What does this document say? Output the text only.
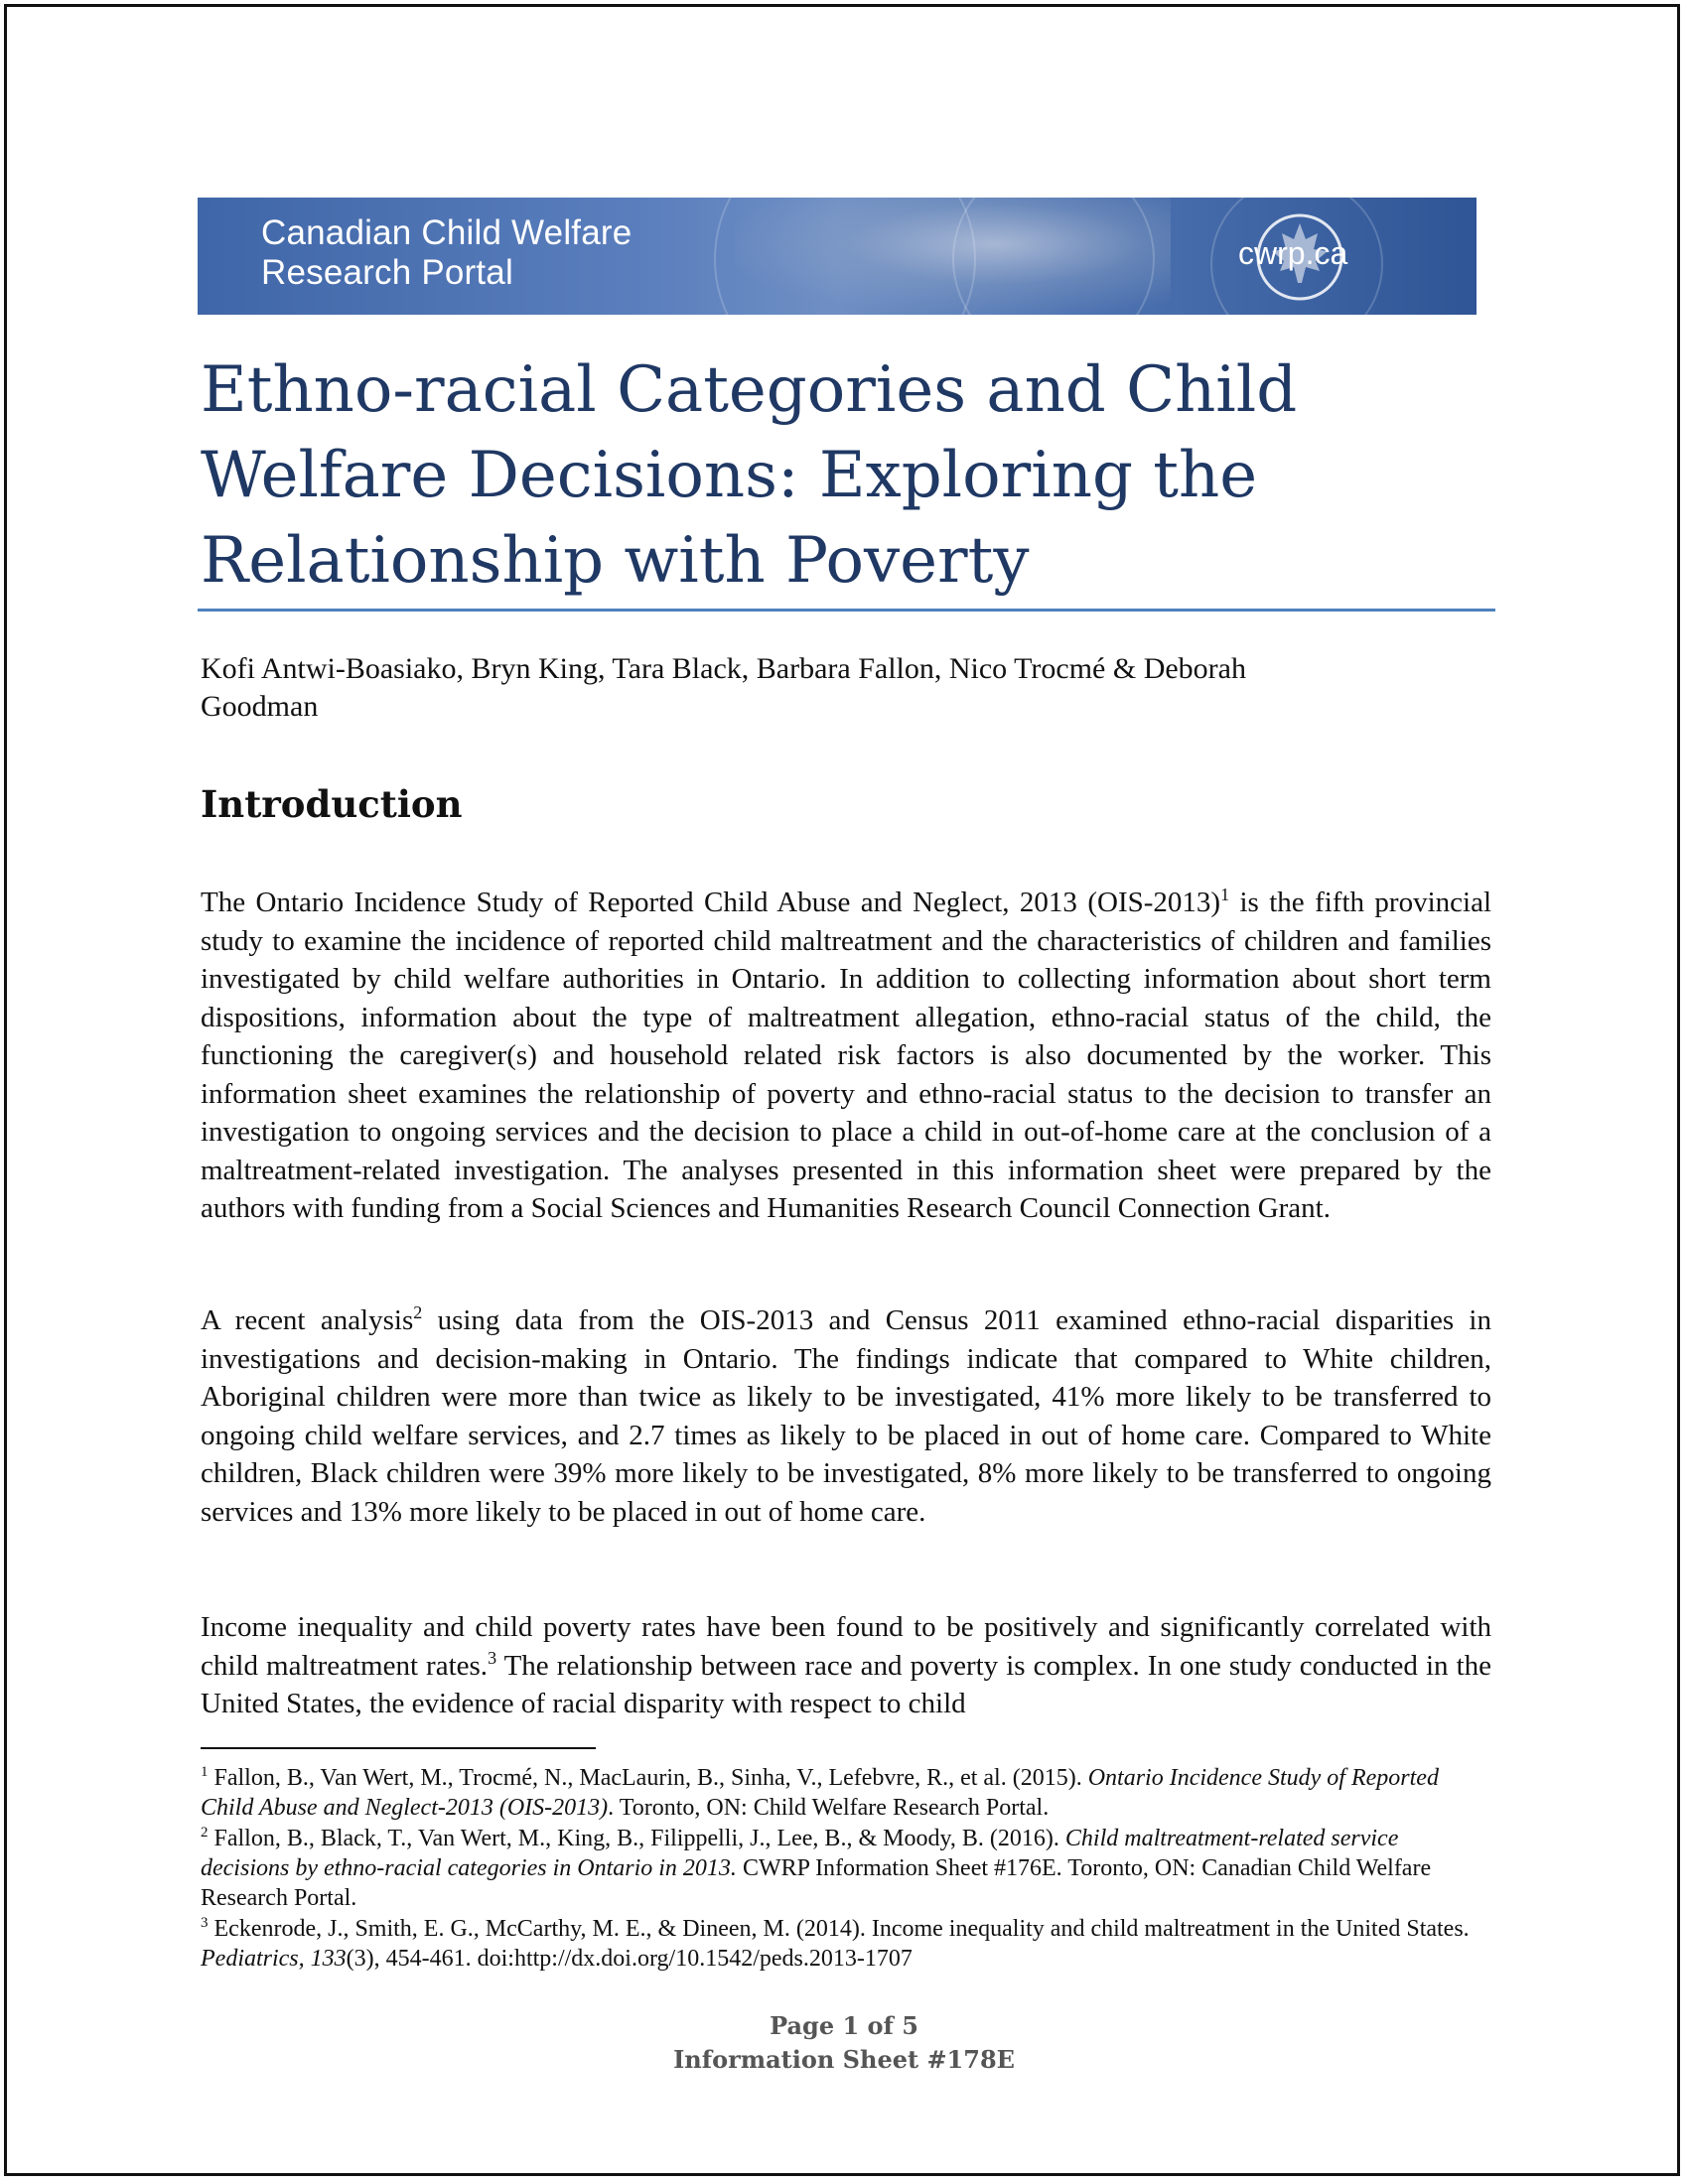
Canadian Child Welfare
Research Portal	cwrp.ca
Ethno-racial Categories and Child
Welfare Decisions: Exploring the
Relationship with Poverty
Kofi Antwi-Boasiako, Bryn King, Tara Black, Barbara Fallon, Nico Trocmé & Deborah
Goodman
Introduction

The Ontario Incidence Study of Reported Child Abuse and Neglect, 2013 $(OIS-2013)^1$ is the fifth provincial study to examine the incidence of reported child maltreatment and the characteristics of children and families investigated by child welfare authorities in Ontario. In addition to collecting information about short term dispositions, information about the type of maltreatment allegation, ethno-racial status of the child, the functioning the caregiver(s) and household related risk factors is also documented by the worker. This information sheet examines the relationship of poverty and ethno-racial status to the decision to transfer an investigation to ongoing services and the decision to place a child in out-of-home care at the conclusion of a maltreatment-related investigation. The analyses presented in this information sheet were prepared by the authors with funding from a Social Sciences and Humanities Research Council Connection Grant.

A recent analysis$^2$ using data from the OIS-2013 and Census 2011 examined ethno-racial disparities in investigations and decision-making in Ontario. The findings indicate that compared to White children, Aboriginal children were more than twice as likely to be investigated, 41% more likely to be transferred to ongoing child welfare services, and 2.7 times as likely to be placed in out of home care. Compared to White children, Black children were 39% more likely to be investigated, 8% more likely to be transferred to ongoing services and 13% more likely to be placed in out of home care.

Income inequality and child poverty rates have been found to be positively and significantly correlated with child maltreatment rates.$^3$ The relationship between race and poverty is complex. In one study conducted in the United States, the evidence of racial disparity with respect to child

$^1$ Fallon, B., Van Wert, M., Trocmé, N., MacLaurin, B., Sinha, V., Lefebvre, R., et al. (2015). Ontario Incidence Study of Reported Child Abuse and Neglect-2013 (OIS-2013). Toronto, ON: Child Welfare Research Portal.

$^2$ Fallon, B., Black, T., Van Wert, M., King, B., Filippelli, J., Lee, B., & Moody, B. (2016). Child maltreatment-related service decisions by ethno-racial categories in Ontario in 2013. CWRP Information Sheet #176E. Toronto, ON: Canadian Child Welfare Research Portal.

$^3$ Eckenrode, J., Smith, E. G., McCarthy, M. E., & Dineen, M. (2014). Income inequality and child maltreatment in the United States. Pediatrics, 133(3), 454-461. doi:http://dx.doi.org/10.1542/peds.2013-1707

Page 1 of 5
Information Sheet #178E
